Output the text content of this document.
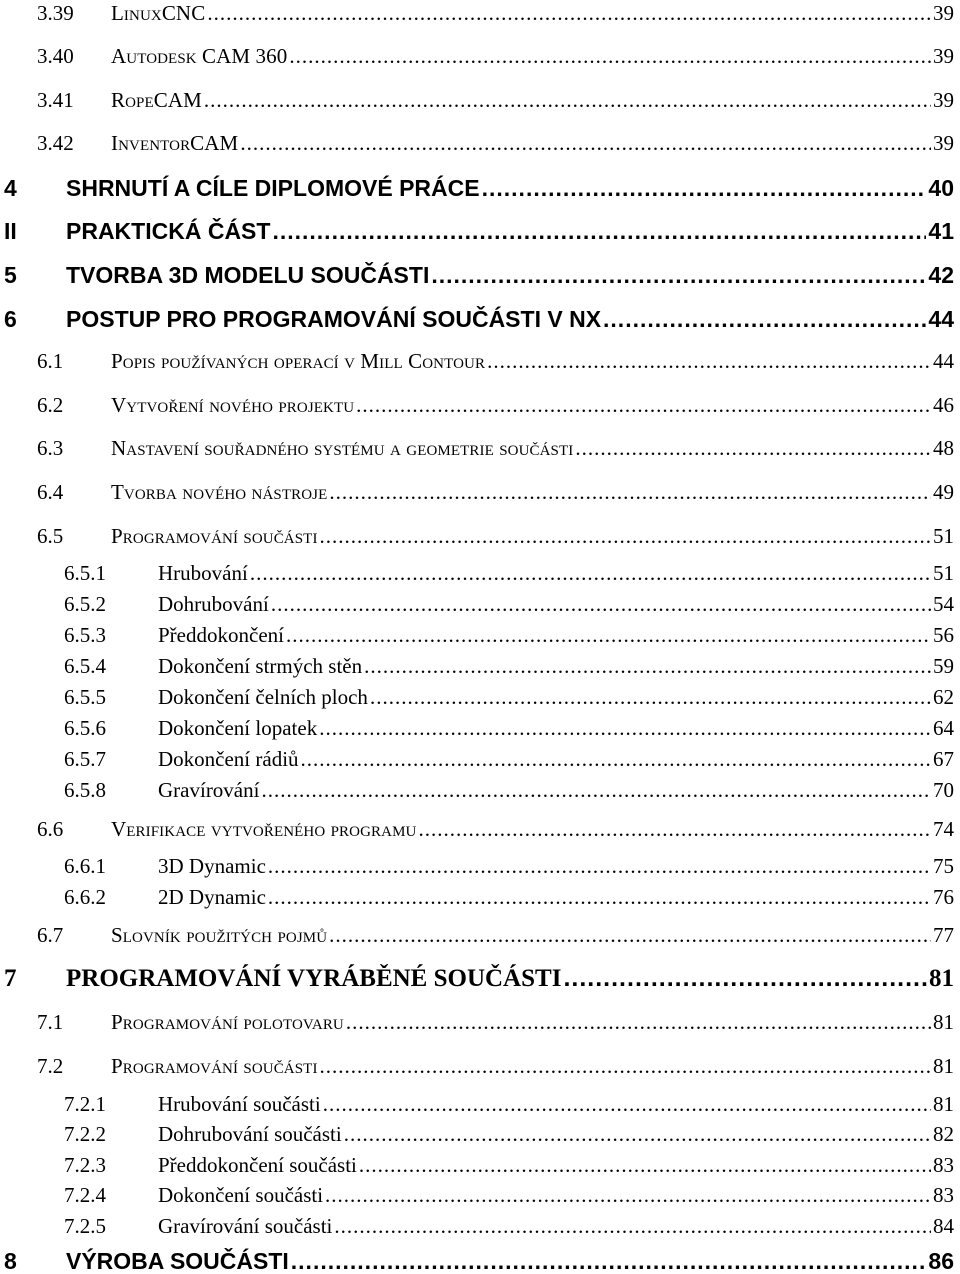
3.39	LinuxCNC .....	39
3.40	Autodesk CAM 360 .....	39
3.41	RopeCAM .....	39
3.42	InventorCAM .....	39
4	SHRNUTÍ A CÍLE DIPLOMOVÉ PRÁCE .....	40
II	PRAKTICKÁ ČÁST .....	41
5	TVORBA 3D MODELU SOUČÁSTI .....	42
6	POSTUP PRO PROGRAMOVÁNÍ SOUČÁSTI V NX .....	44
6.1	Popis používaných operací v Mill Contour .....	44
6.2	Vytvoření nového projektu .....	46
6.3	Nastavení souřadného systému a geometrie součásti .....	48
6.4	Tvorba nového nástroje .....	49
6.5	Programování součásti .....	51
6.5.1	Hrubování .....	51
6.5.2	Dohrubování .....	54
6.5.3	Předdokončení .....	56
6.5.4	Dokončení strmých stěn .....	59
6.5.5	Dokončení čelních ploch .....	62
6.5.6	Dokončení lopatek .....	64
6.5.7	Dokončení rádiů .....	67
6.5.8	Gravírování .....	70
6.6	Verifikace vytvořeného programu .....	74
6.6.1	3D Dynamic .....	75
6.6.2	2D Dynamic .....	76
6.7	Slovník použitých pojmů .....	77
7	PROGRAMOVÁNÍ VYRÁBĚNÉ SOUČÁSTI .....	81
7.1	Programování polotovaru .....	81
7.2	Programování součásti .....	81
7.2.1	Hrubování součásti .....	81
7.2.2	Dohrubování součásti .....	82
7.2.3	Předdokončení součásti .....	83
7.2.4	Dokončení součásti .....	83
7.2.5	Gravírování součásti .....	84
8	VÝROBA SOUČÁSTI .....	86
